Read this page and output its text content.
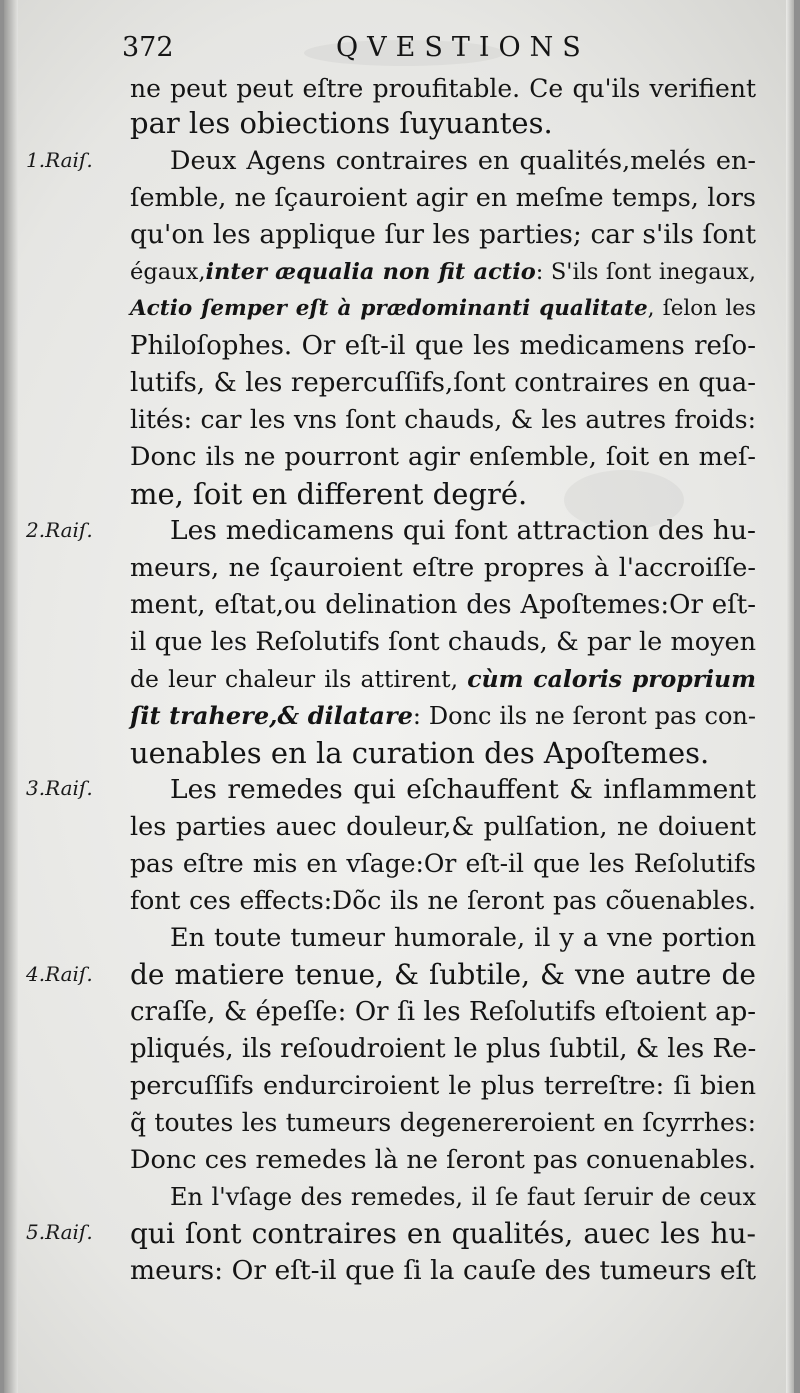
372	QVESTIONS
1.Raiſ.
2.Raiſ.
3.Raiſ.
4.Raiſ.
5.Raiſ.
ne peut peut eſtre proufitable. Ce qu'ils verifient
par les obiections ſuyuantes.
Deux Agens contraires en qualités,melés en-
ſemble, ne ſçauroient agir en meſme temps, lors
qu'on les applique ſur les parties; car s'ils ſont
égaux,inter æqualia non fit actio: S'ils ſont inegaux,
Actio ſemper eſt à prædominanti qualitate, ſelon les
Philoſophes. Or eſt-il que les medicamens reſo-
lutifs, & les repercuſſifs,ſont contraires en qua-
lités: car les vns ſont chauds, & les autres froids:
Donc ils ne pourront agir enſemble, ſoit en meſ-
me, ſoit en different degré.
Les medicamens qui font attraction des hu-
meurs, ne ſçauroient eſtre propres à l'accroiſſe-
ment, eſtat,ou delination des Apoſtemes:Or eſt-
il que les Reſolutifs ſont chauds, & par le moyen
de leur chaleur ils attirent, cùm caloris proprium
ſit trahere,& dilatare: Donc ils ne ſeront pas con-
uenables en la curation des Apoſtemes.
Les remedes qui eſchauffent & inflamment
les parties auec douleur,& pulſation, ne doiuent
pas eſtre mis en vſage:Or eſt-il que les Reſolutifs
font ces effects:Dõc ils ne ſeront pas cõuenables.
En toute tumeur humorale, il y a vne portion
de matiere tenue, & ſubtile, & vne autre de
craſſe, & épeſſe: Or ſi les Reſolutifs eſtoient ap-
pliqués, ils reſoudroient le plus ſubtil, & les Re-
percuſſifs endurciroient le plus terreſtre: ſi bien
q̃ toutes les tumeurs degenereroient en ſcyrrhes:
Donc ces remedes là ne ſeront pas conuenables.
En l'vſage des remedes, il ſe faut ſeruir de ceux
qui ſont contraires en qualités, auec les hu-
meurs: Or eſt-il que ſi la cauſe des tumeurs eſt
